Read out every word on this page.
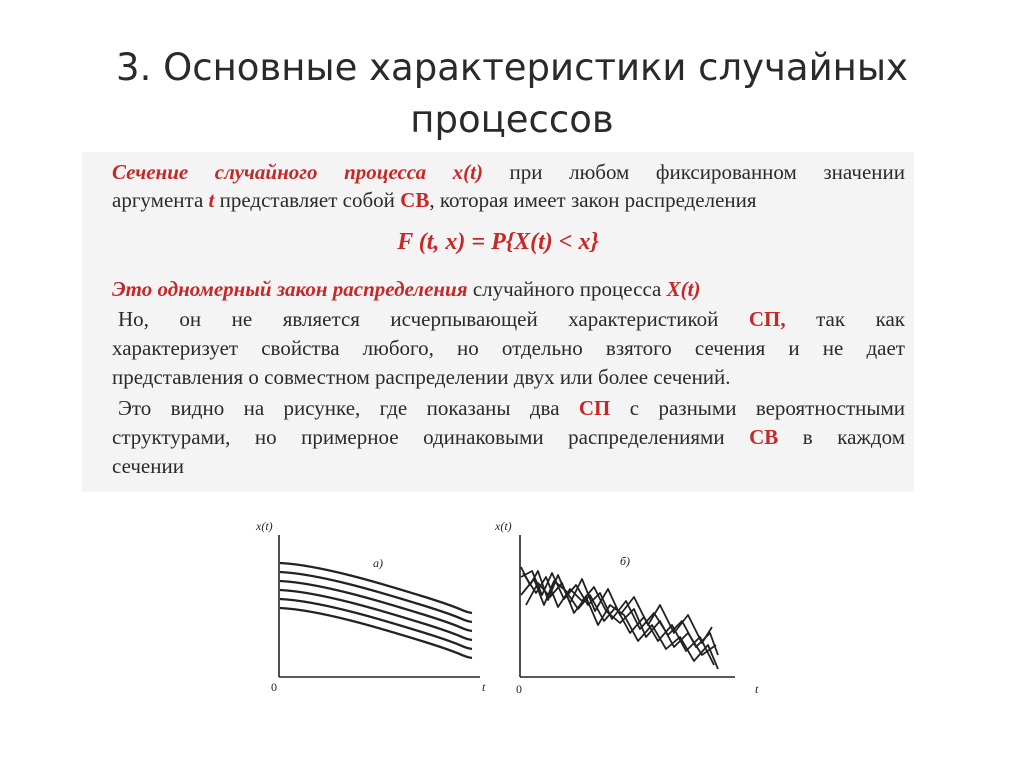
3. Основные характеристики случайных процессов
Сечение случайного процесса x(t) при любом фиксированном значении
аргумента t представляет собой СВ, которая имеет закон распределения
F (t, x) = P{X(t) < x}
Это одномерный закон распределения случайного процесса X(t)
Но, он не является исчерпывающей характеристикой СП, так как
характеризует свойства любого, но отдельно взятого сечения и не дает
представления о совместном распределении двух или более сечений.
Это видно на рисунке, где показаны два СП с разными вероятностными
структурами, но примерное одинаковыми распределениями СВ в каждом
сечении
x(t)
0	t
а)
x(t)
0	t
б)
